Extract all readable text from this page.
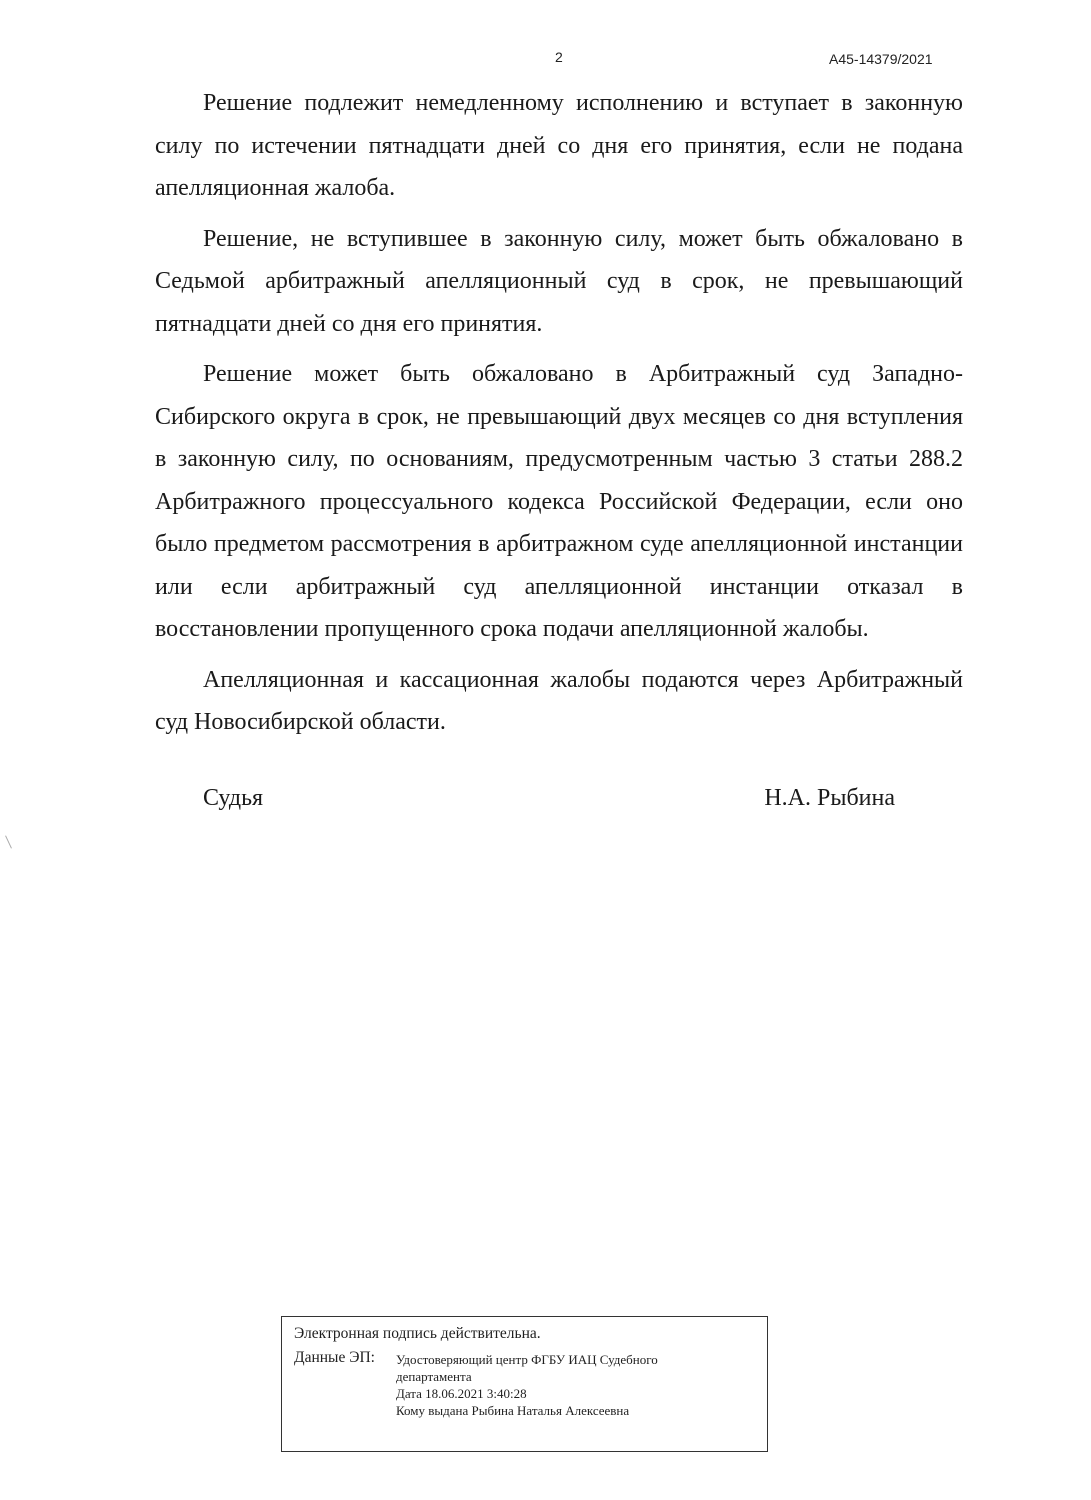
2	А45-14379/2021

Решение подлежит немедленному исполнению и вступает в законную силу по истечении пятнадцати дней со дня его принятия, если не подана апелляционная жалоба.

Решение, не вступившее в законную силу, может быть обжаловано в Седьмой арбитражный апелляционный суд в срок, не превышающий пятнадцати дней со дня его принятия.

Решение может быть обжаловано в Арбитражный суд Западно-Сибирского округа в срок, не превышающий двух месяцев со дня вступления в законную силу, по основаниям, предусмотренным частью 3 статьи 288.2 Арбитражного процессуального кодекса Российской Федерации, если оно было предметом рассмотрения в арбитражном суде апелляционной инстанции или если арбитражный суд апелляционной инстанции отказал в восстановлении пропущенного срока подачи апелляционной жалобы.

Апелляционная и кассационная жалобы подаются через Арбитражный суд Новосибирской области.

Судья	Н.А. Рыбина
Электронная подпись действительна.
Данные ЭП:	Удостоверяющий центр ФГБУ ИАЦ Судебного
департамента
Дата 18.06.2021 3:40:28
Кому выдана Рыбина Наталья Алексеевна
